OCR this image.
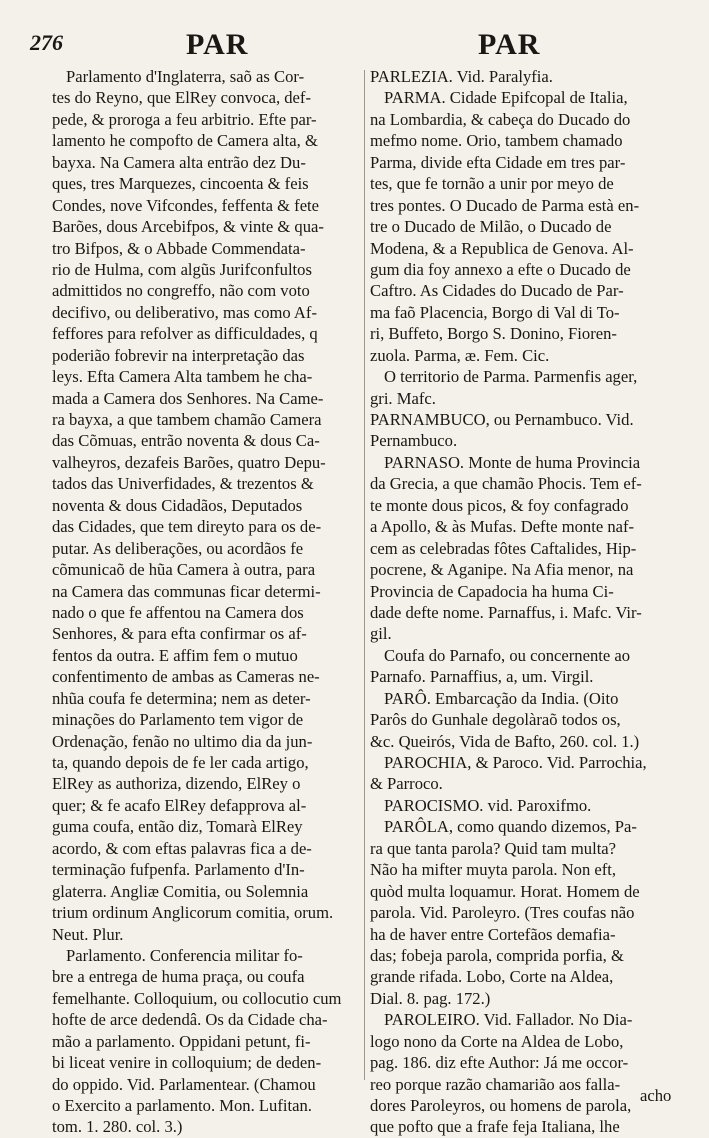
276	PAR	PAR
Parlamento d'Inglaterra, saõ as Cor-
tes do Reyno, que ElRey convoca, def-
pede, & proroga a feu arbitrio. Efte par-
lamento he compofto de Camera alta, &
bayxa. Na Camera alta entrão dez Du-
ques, tres Marquezes, cincoenta & feis
Condes, nove Vifcondes, feffenta & fete
Barões, dous Arcebifpos, & vinte & qua-
tro Bifpos, & o Abbade Commendata-
rio de Hulma, com algũs Jurifconfultos
admittidos no congreffo, não com voto
decifivo, ou deliberativo, mas como Af-
feffores para refolver as difficuldades, q
poderião fobrevir na interpretação das
leys. Efta Camera Alta tambem he cha-
mada a Camera dos Senhores. Na Came-
ra bayxa, a que tambem chamão Camera
das Cõmuas, entrão noventa & dous Ca-
valheyros, dezafeis Barões, quatro Depu-
tados das Univerfidades, & trezentos &
noventa & dous Cidadãos, Deputados
das Cidades, que tem direyto para os de-
putar. As deliberações, ou acordãos fe
cõmunicaõ de hũa Camera à outra, para
na Camera das communas ficar determi-
nado o que fe affentou na Camera dos
Senhores, & para efta confirmar os af-
fentos da outra. E affim fem o mutuo
confentimento de ambas as Cameras ne-
nhũa coufa fe determina; nem as deter-
minações do Parlamento tem vigor de
Ordenação, fenão no ultimo dia da jun-
ta, quando depois de fe ler cada artigo,
ElRey as authoriza, dizendo, ElRey o
quer; & fe acafo ElRey defapprova al-
guma coufa, então diz, Tomarà ElRey
acordo, & com eftas palavras fica a de-
terminação fufpenfa. Parlamento d'In-
glaterra. Angliæ Comitia, ou Solemnia
trium ordinum Anglicorum comitia, orum.
Neut. Plur.
Parlamento. Conferencia militar fo-
bre a entrega de huma praça, ou coufa
femelhante. Colloquium, ou collocutio cum
hofte de arce dedendâ. Os da Cidade cha-
mão a parlamento. Oppidani petunt, fi-
bi liceat venire in colloquium; de deden-
do oppido. Vid. Parlamentear. (Chamou
o Exercito a parlamento. Mon. Lufitan.
tom. 1. 280. col. 3.)
PARLEZIA. Vid. Paralyfia.
PARMA. Cidade Epifcopal de Italia,
na Lombardia, & cabeça do Ducado do
mefmo nome. Orio, tambem chamado
Parma, divide efta Cidade em tres par-
tes, que fe tornão a unir por meyo de
tres pontes. O Ducado de Parma està en-
tre o Ducado de Milão, o Ducado de
Modena, & a Republica de Genova. Al-
gum dia foy annexo a efte o Ducado de
Caftro. As Cidades do Ducado de Par-
ma faõ Placencia, Borgo di Val di To-
ri, Buffeto, Borgo S. Donino, Fioren-
zuola. Parma, æ. Fem. Cic.
O territorio de Parma. Parmenfis ager,
gri. Mafc.
PARNAMBUCO, ou Pernambuco. Vid.
Pernambuco.
PARNASO. Monte de huma Provincia
da Grecia, a que chamão Phocis. Tem ef-
te monte dous picos, & foy confagrado
a Apollo, & às Mufas. Defte monte naf-
cem as celebradas fôtes Caftalides, Hip-
pocrene, & Aganipe. Na Afia menor, na
Provincia de Capadocia ha huma Ci-
dade defte nome. Parnaffus, i. Mafc. Vir-
gil.
Coufa do Parnafo, ou concernente ao
Parnafo. Parnaffius, a, um. Virgil.
PARÔ. Embarcação da India. (Oito
Parôs do Gunhale degolàraõ todos os,
&c. Queirós, Vida de Bafto, 260. col. 1.)
PAROCHIA, & Paroco. Vid. Parrochia,
& Parroco.
PAROCISMO. vid. Paroxifmo.
PARÔLA, como quando dizemos, Pa-
ra que tanta parola? Quid tam multa?
Não ha mifter muyta parola. Non eft,
quòd multa loquamur. Horat. Homem de
parola. Vid. Paroleyro. (Tres coufas não
ha de haver entre Cortefãos demafia-
das; fobeja parola, comprida porfia, &
grande rifada. Lobo, Corte na Aldea,
Dial. 8. pag. 172.)
PAROLEIRO. Vid. Fallador. No Dia-
logo nono da Corte na Aldea de Lobo,
pag. 186. diz efte Author: Já me occor-
reo porque razão chamarião aos falla-
dores Paroleyros, ou homens de parola,
que pofto que a frafe feja Italiana, lhe
acho
